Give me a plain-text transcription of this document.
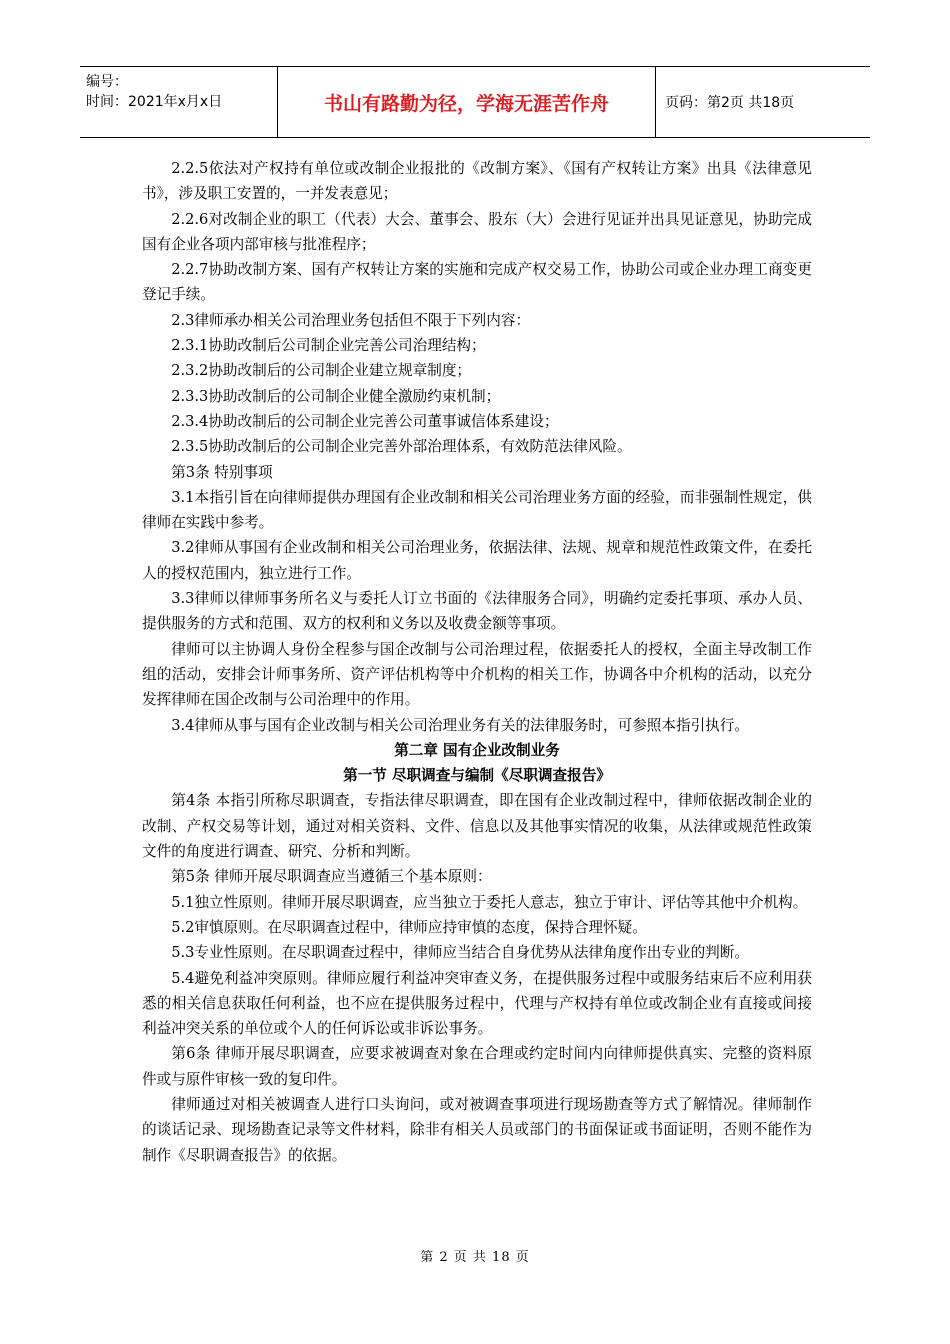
编号：
时间：2021年x月x日	书山有路勤为径，学海无涯苦作舟	页码：第2页 共18页

2.2.5依法对产权持有单位或改制企业报批的《改制方案》、《国有产权转让方案》出具《法律意见书》，涉及职工安置的，一并发表意见；

2.2.6对改制企业的职工（代表）大会、董事会、股东（大）会进行见证并出具见证意见，协助完成国有企业各项内部审核与批准程序；

2.2.7协助改制方案、国有产权转让方案的实施和完成产权交易工作，协助公司或企业办理工商变更登记手续。

2.3律师承办相关公司治理业务包括但不限于下列内容：

2.3.1协助改制后公司制企业完善公司治理结构；

2.3.2协助改制后的公司制企业建立规章制度；

2.3.3协助改制后的公司制企业健全激励约束机制；

2.3.4协助改制后的公司制企业完善公司董事诚信体系建设；

2.3.5协助改制后的公司制企业完善外部治理体系，有效防范法律风险。

第3条 特别事项

3.1本指引旨在向律师提供办理国有企业改制和相关公司治理业务方面的经验，而非强制性规定，供律师在实践中参考。

3.2律师从事国有企业改制和相关公司治理业务，依据法律、法规、规章和规范性政策文件，在委托人的授权范围内，独立进行工作。

3.3律师以律师事务所名义与委托人订立书面的《法律服务合同》，明确约定委托事项、承办人员、提供服务的方式和范围、双方的权利和义务以及收费金额等事项。

律师可以主协调人身份全程参与国企改制与公司治理过程，依据委托人的授权，全面主导改制工作组的活动，安排会计师事务所、资产评估机构等中介机构的相关工作，协调各中介机构的活动，以充分发挥律师在国企改制与公司治理中的作用。

3.4律师从事与国有企业改制与相关公司治理业务有关的法律服务时，可参照本指引执行。

第二章 国有企业改制业务

第一节 尽职调查与编制《尽职调查报告》

第4条 本指引所称尽职调查，专指法律尽职调查，即在国有企业改制过程中，律师依据改制企业的改制、产权交易等计划，通过对相关资料、文件、信息以及其他事实情况的收集，从法律或规范性政策文件的角度进行调查、研究、分析和判断。

第5条 律师开展尽职调查应当遵循三个基本原则：

5.1独立性原则。律师开展尽职调查，应当独立于委托人意志，独立于审计、评估等其他中介机构。

5.2审慎原则。在尽职调查过程中，律师应持审慎的态度，保持合理怀疑。

5.3专业性原则。在尽职调查过程中，律师应当结合自身优势从法律角度作出专业的判断。

5.4避免利益冲突原则。律师应履行利益冲突审查义务，在提供服务过程中或服务结束后不应利用获悉的相关信息获取任何利益，也不应在提供服务过程中，代理与产权持有单位或改制企业有直接或间接利益冲突关系的单位或个人的任何诉讼或非诉讼事务。

第6条 律师开展尽职调查，应要求被调查对象在合理或约定时间内向律师提供真实、完整的资料原件或与原件审核一致的复印件。

律师通过对相关被调查人进行口头询问，或对被调查事项进行现场勘查等方式了解情况。律师制作的谈话记录、现场勘查记录等文件材料，除非有相关人员或部门的书面保证或书面证明，否则不能作为制作《尽职调查报告》的依据。

第 2 页 共 18 页
